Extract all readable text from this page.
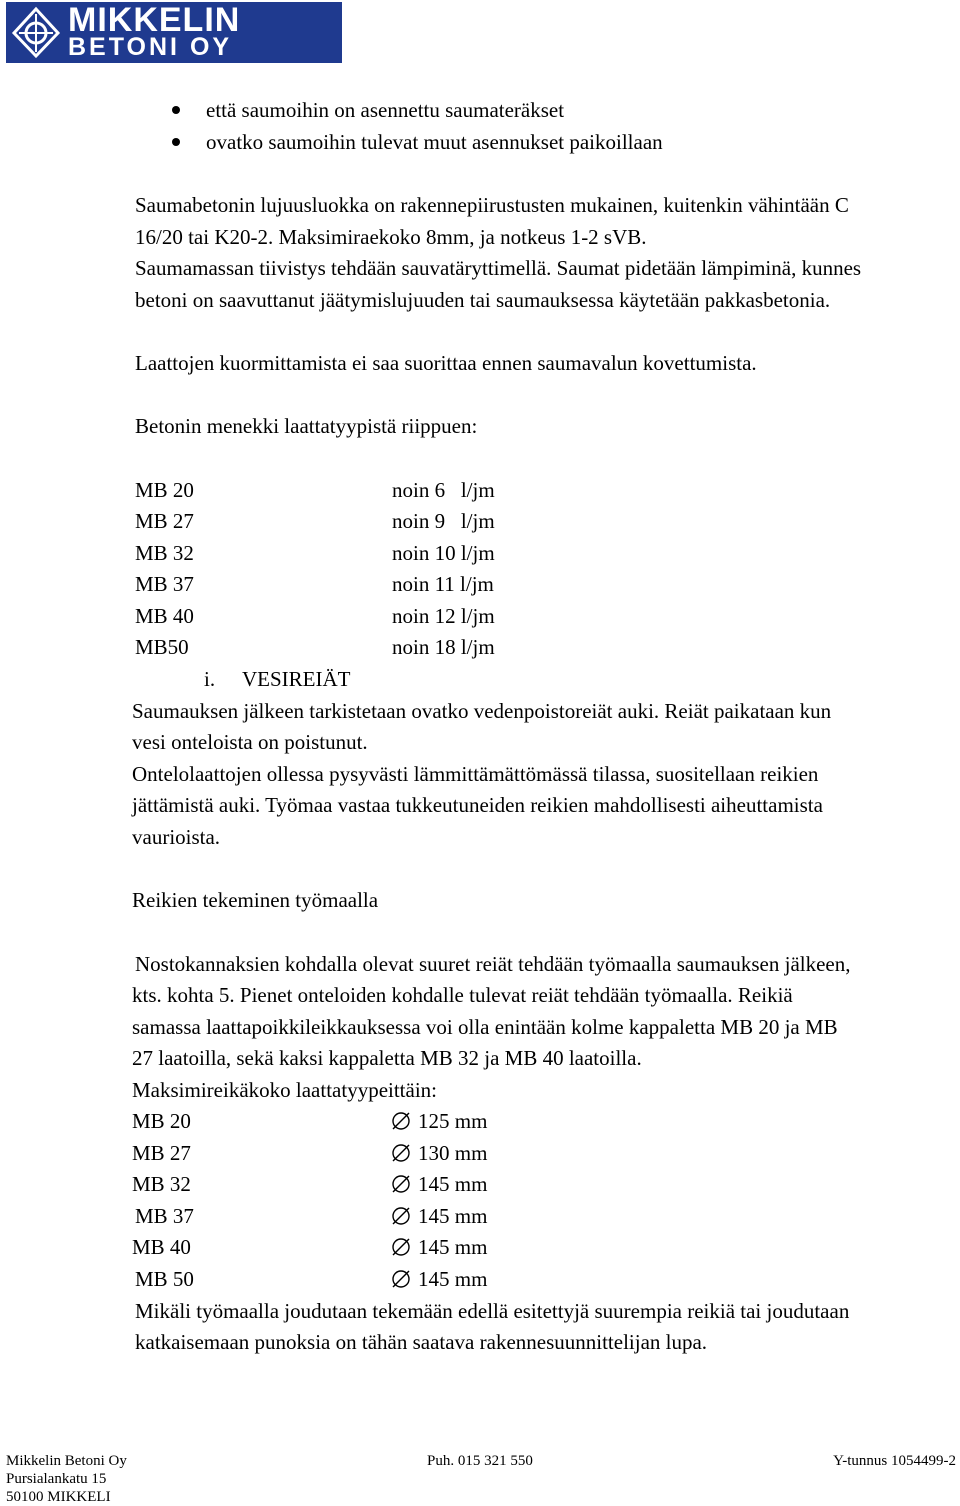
MIKKELIN
BETONI OY
että saumoihin on asennettu saumateräkset
ovatko saumoihin tulevat muut asennukset paikoillaan
Saumabetonin lujuusluokka on rakennepiirustusten mukainen, kuitenkin vähintään C
16/20 tai K20-2. Maksimiraekoko 8mm, ja notkeus 1-2 sVB.
Saumamassan tiivistys tehdään sauvatäryttimellä. Saumat pidetään lämpiminä, kunnes
betoni on saavuttanut jäätymislujuuden tai saumauksessa käytetään pakkasbetonia.
Laattojen kuormittamista ei saa suorittaa ennen saumavalun kovettumista.
Betonin menekki laattatyypistä riippuen:
MB 20	noin 6   l/jm
MB 27	noin 9   l/jm
MB 32	noin 10 l/jm
MB 37	noin 11 l/jm
MB 40	noin 12 l/jm
MB50	noin 18 l/jm
i. VESIREIÄT
Saumauksen jälkeen tarkistetaan ovatko vedenpoistoreiät auki. Reiät paikataan kun
vesi onteloista on poistunut.
Ontelolaattojen ollessa pysyvästi lämmittämättömässä tilassa, suositellaan reikien
jättämistä auki. Työmaa vastaa tukkeutuneiden reikien mahdollisesti aiheuttamista
vaurioista.
Reikien tekeminen työmaalla
Nostokannaksien kohdalla olevat suuret reiät tehdään työmaalla saumauksen jälkeen,
kts. kohta 5. Pienet onteloiden kohdalle tulevat reiät tehdään työmaalla. Reikiä
samassa laattapoikkileikkauksessa voi olla enintään kolme kappaletta MB 20 ja MB
27 laatoilla, sekä kaksi kappaletta MB 32 ja MB 40 laatoilla.
Maksimireikäkoko laattatyypeittäin:
MB 20	125 mm
MB 27	130 mm
MB 32	145 mm
MB 37	145 mm
MB 40	145 mm
MB 50	145 mm
Mikäli työmaalla joudutaan tekemään edellä esitettyjä suurempia reikiä tai joudutaan
katkaisemaan punoksia on tähän saatava rakennesuunnittelijan lupa.
Mikkelin Betoni Oy
Pursialankatu 15
50100 MIKKELI
Puh. 015 321 550	Y-tunnus 1054499-2
